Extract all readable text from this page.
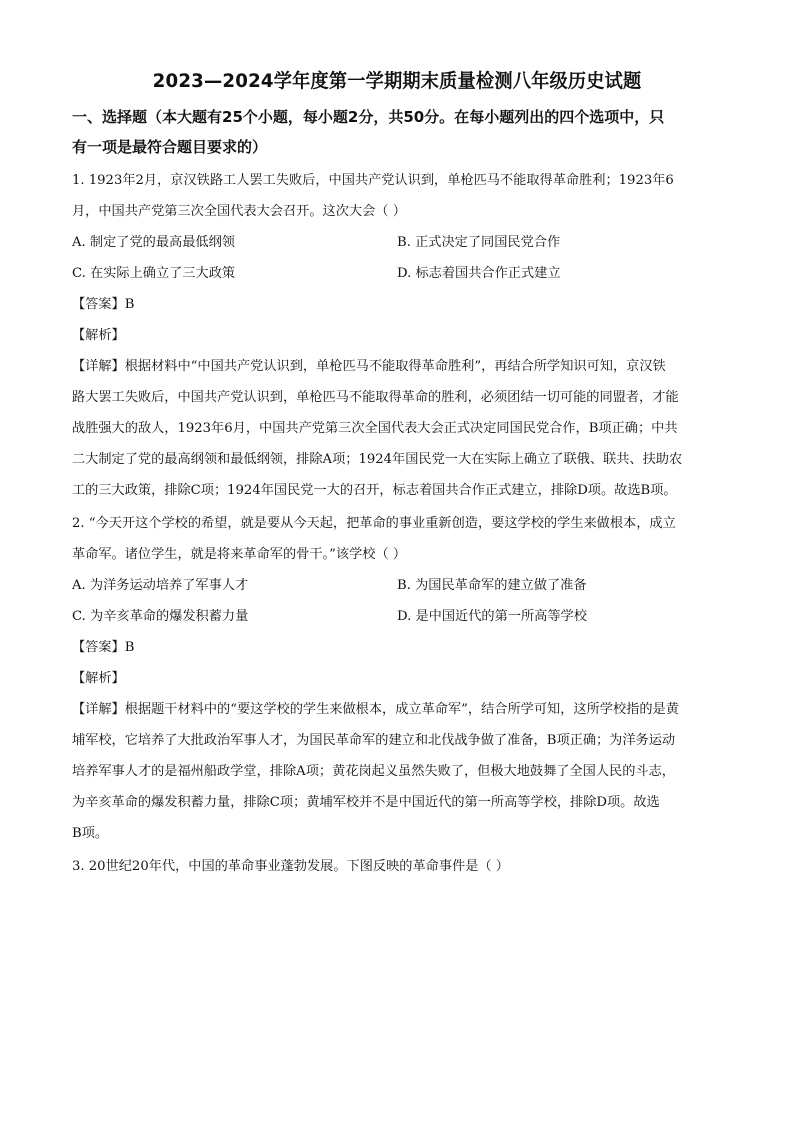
2023—2024学年度第一学期期末质量检测八年级历史试题
一、选择题（本大题有25个小题，每小题2分，共50分。在每小题列出的四个选项中，只
有一项是最符合题目要求的）
1. 1923年2月，京汉铁路工人罢工失败后，中国共产党认识到，单枪匹马不能取得革命胜利；1923年6
月，中国共产党第三次全国代表大会召开。这次大会（ ）
A. 制定了党的最高最低纲领	B. 正式决定了同国民党合作
C. 在实际上确立了三大政策	D. 标志着国共合作正式建立
【答案】B
【解析】
【详解】根据材料中“中国共产党认识到，单枪匹马不能取得革命胜利”，再结合所学知识可知，京汉铁
路大罢工失败后，中国共产党认识到，单枪匹马不能取得革命的胜利，必须团结一切可能的同盟者，才能
战胜强大的敌人，1923年6月，中国共产党第三次全国代表大会正式决定同国民党合作，B项正确；中共
二大制定了党的最高纲领和最低纲领，排除A项；1924年国民党一大在实际上确立了联俄、联共、扶助农
工的三大政策，排除C项；1924年国民党一大的召开，标志着国共合作正式建立，排除D项。故选B项。
2. “今天开这个学校的希望，就是要从今天起，把革命的事业重新创造，要这学校的学生来做根本，成立
革命军。诸位学生，就是将来革命军的骨干。”该学校（ ）
A. 为洋务运动培养了军事人才	B. 为国民革命军的建立做了准备
C. 为辛亥革命的爆发积蓄力量	D. 是中国近代的第一所高等学校
【答案】B
【解析】
【详解】根据题干材料中的“要这学校的学生来做根本，成立革命军”，结合所学可知，这所学校指的是黄
埔军校，它培养了大批政治军事人才，为国民革命军的建立和北伐战争做了准备，B项正确；为洋务运动
培养军事人才的是福州船政学堂，排除A项；黄花岗起义虽然失败了，但极大地鼓舞了全国人民的斗志，
为辛亥革命的爆发积蓄力量，排除C项；黄埔军校并不是中国近代的第一所高等学校，排除D项。故选
B项。
3. 20世纪20年代，中国的革命事业蓬勃发展。下图反映的革命事件是（ ）
